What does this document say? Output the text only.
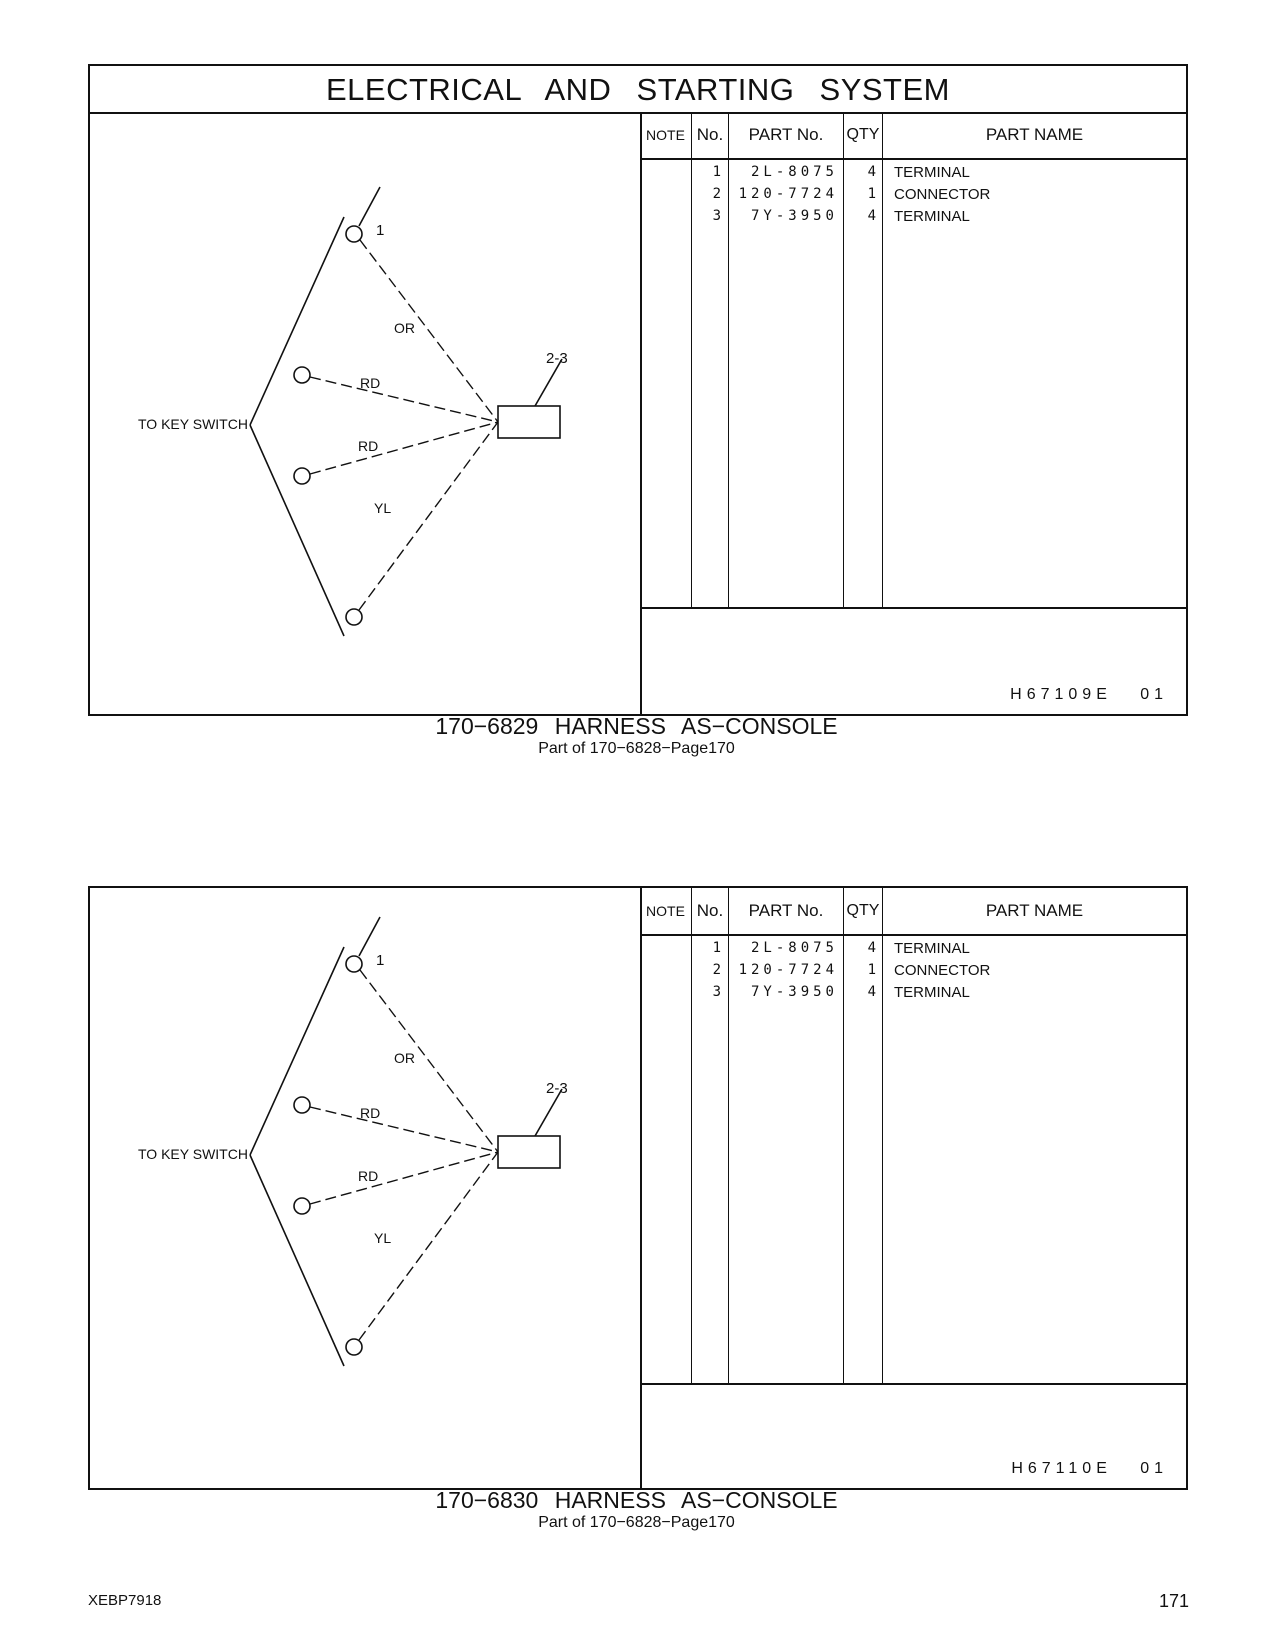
ELECTRICAL AND STARTING SYSTEM
TO KEY SWITCH
1
2-3
OR
RD
RD
YL
NOTE No.	PART No.	QTY	PART NAME
1	2L-8075	4 TERMINAL
2	120-7724	1 CONNECTOR
3	7Y-3950	4 TERMINAL
H67109E   01
170−6829 HARNESS AS−CONSOLE
Part of 170−6828−Page170
TO KEY SWITCH
1
2-3
OR
RD
RD
YL
NOTE No.	PART No.	QTY	PART NAME
1	2L-8075	4 TERMINAL
2	120-7724	1 CONNECTOR
3	7Y-3950	4 TERMINAL
H67110E   01
170−6830 HARNESS AS−CONSOLE
Part of 170−6828−Page170
XEBP7918	171
